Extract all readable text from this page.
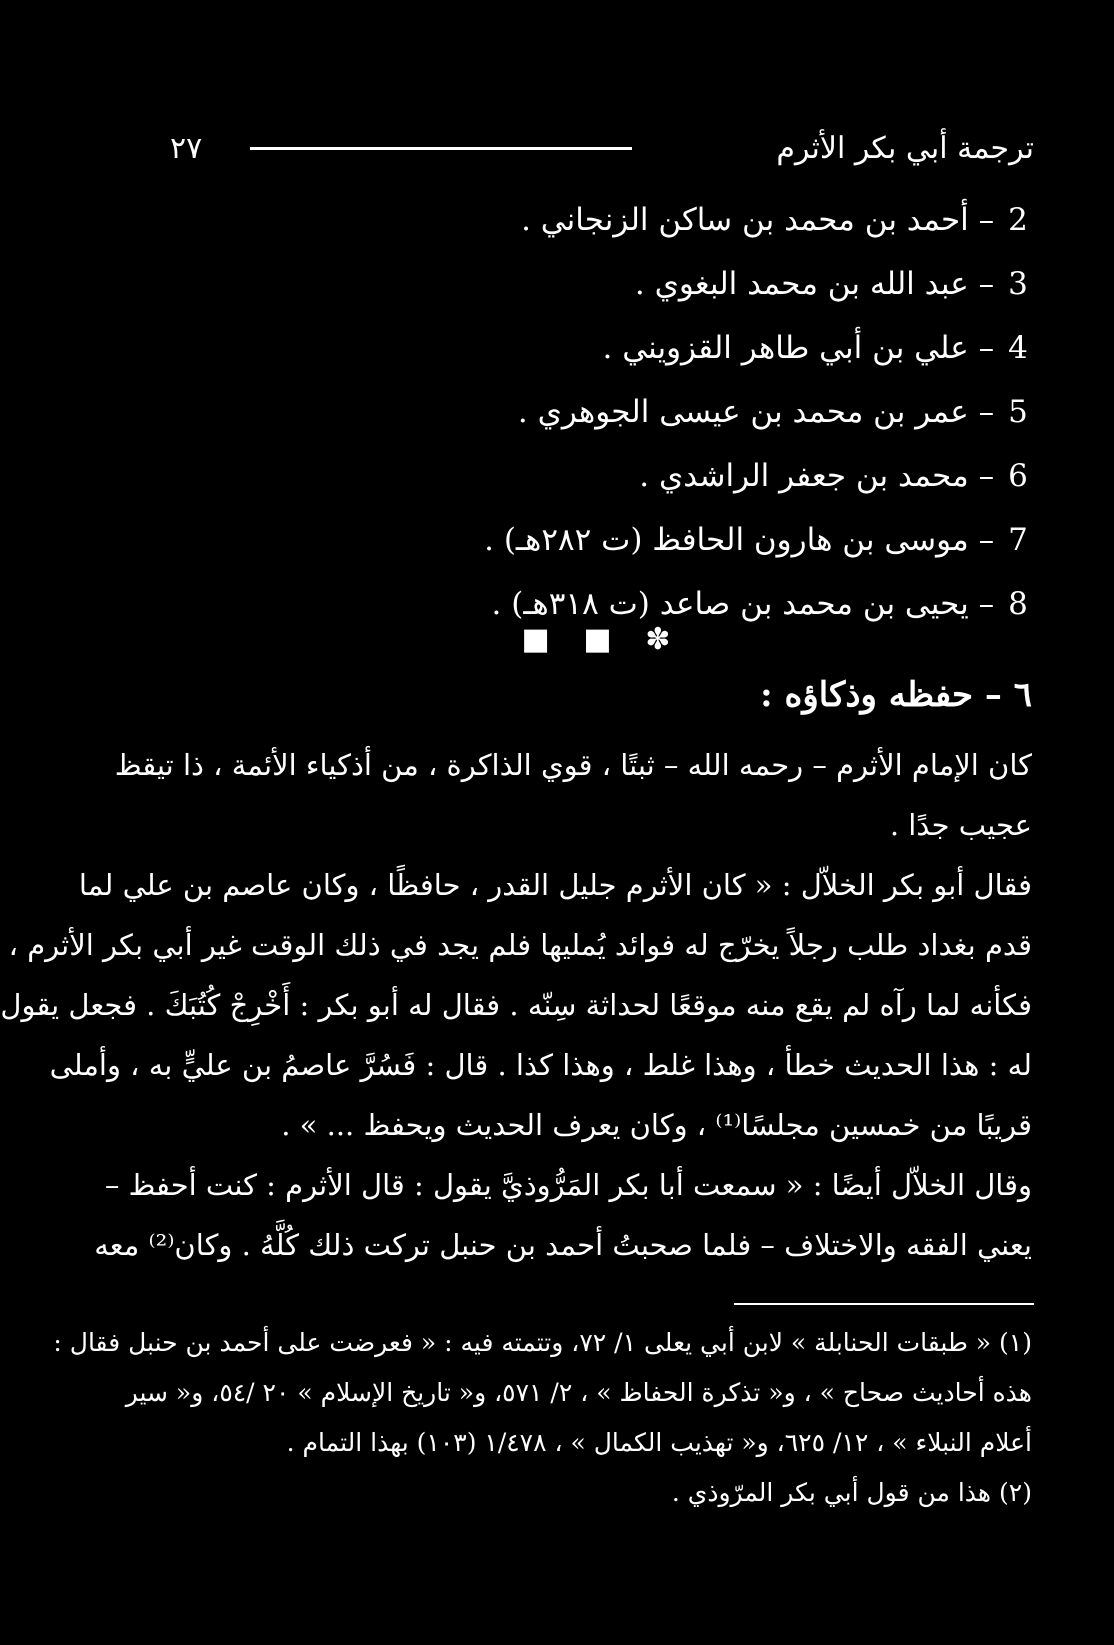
٢٧	ترجمة أبي بكر الأثرم
2 – أحمد بن محمد بن ساكن الزنجاني .
3 – عبد الله بن محمد البغوي .
4 – علي بن أبي طاهر القزويني .
5 – عمر بن محمد بن عيسى الجوهري .
6 – محمد بن جعفر الراشدي .
7 – موسى بن هارون الحافظ (ت ٢٨٢هـ) .
8 – يحيى بن محمد بن صاعد (ت ٣١٨هـ) .
✽ ■ ■
٦ – حفظه وذكاؤه :
كان الإمام الأثرم – رحمه الله – ثبتًا ، قوي الذاكرة ، من أذكياء الأئمة ، ذا تيقظ
عجيب جدًا .
فقال أبو بكر الخلاّل : « كان الأثرم جليل القدر ، حافظًا ، وكان عاصم بن علي لما
قدم بغداد طلب رجلاً يخرّج له فوائد يُمليها فلم يجد في ذلك الوقت غير أبي بكر الأثرم ،
فكأنه لما رآه لم يقع منه موقعًا لحداثة سِنّه . فقال له أبو بكر : أَخْرِجْ كُتُبَكَ . فجعل يقول
له : هذا الحديث خطأ ، وهذا غلط ، وهذا كذا . قال : فَسُرَّ عاصمُ بن عليٍّ به ، وأملى
قريبًا من خمسين مجلسًا⁽¹⁾ ، وكان يعرف الحديث ويحفظ ... » .
وقال الخلاّل أيضًا : « سمعت أبا بكر المَرُّوذيَّ يقول : قال الأثرم : كنت أحفظ –
يعني الفقه والاختلاف – فلما صحبتُ أحمد بن حنبل تركت ذلك كُلَّهُ . وكان⁽²⁾ معه
(١) « طبقات الحنابلة » لابن أبي يعلى ١/ ٧٢، وتتمته فيه : « فعرضت على أحمد بن حنبل فقال :
هذه أحاديث صحاح » ، و« تذكرة الحفاظ » ، ٢/ ٥٧١، و« تاريخ الإسلام » ٢٠ /٥٤، و« سير
أعلام النبلاء » ، ١٢/ ٦٢٥، و« تهذيب الكمال » ، ١/٤٧٨ (١٠٣) بهذا التمام .
(٢) هذا من قول أبي بكر المرّوذي .
